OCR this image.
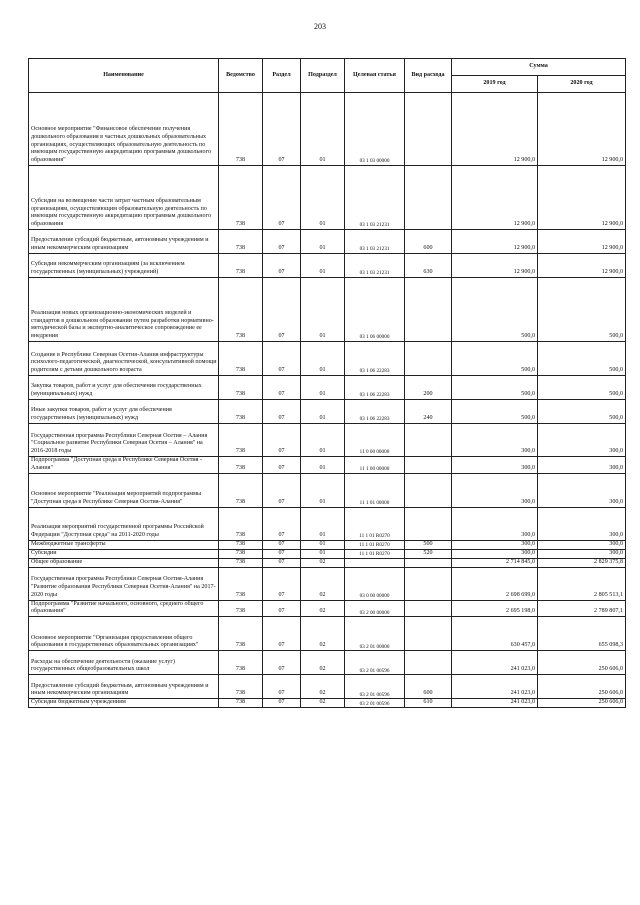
203
Наименование	Ведомство	Раздел	Подраздел	Целевая статья	Вид расхода	Сумма	
						2019 год	2020 год
Основное мероприятие "Финансовое обеспечение получения дошкольного образования в частных дошкольных образовательных организациях, осуществляющих образовательную деятельность по имеющим государственную аккредитацию программам дошкольного образования"	738	07	01	03 1 03 00000		12 900,0	12 900,0
Субсидии на возмещение части затрат частным образовательным организациям, осуществляющим образовательную деятельность по имеющим государственную аккредитацию программам дошкольного образования	738	07	01	03 1 03 21231		12 900,0	12 900,0
Предоставление субсидий бюджетным, автономным учреждениям и иным некоммерческим организациям	738	07	01	03 1 03 21231	600	12 900,0	12 900,0
Субсидии некоммерческим организациям (за исключением государственных (муниципальных) учреждений)	738	07	01	03 1 03 21231	630	12 900,0	12 900,0
Реализация новых организационно-экономических моделей и стандартов в дошкольном образовании путем разработки нормативно-методической базы и экспертно-аналитическое сопровождение ее внедрения	738	07	01	03 1 06 00000		500,0	500,0
Создание в Республике Северная Осетия-Алания инфраструктуры психолого-педагогической, диагностической, консультативной помощи родителям с детьми дошкольного возраста	738	07	01	03 1 06 22283		500,0	500,0
Закупка товаров, работ и услуг для обеспечения государственных (муниципальных) нужд	738	07	01	03 1 06 22283	200	500,0	500,0
Иные закупки товаров, работ и услуг для обеспечения государственных (муниципальных) нужд	738	07	01	03 1 06 22283	240	500,0	500,0
Государственная программа Республики Северная Осетия – Алания "Социальное развитие Республики Северная Осетия – Алания" на 2016-2018 годы	738	07	01	11 0 00 00000		300,0	300,0
Подпрограмма "Доступная среда в Республике Северная Осетия - Алания"	738	07	01	11 1 00 00000		300,0	300,0
Основное мероприятие "Реализация мероприятий подпрограммы "Доступная среда в Республике Северная Осетия-Алания"	738	07	01	11 1 01 00000		300,0	300,0
Реализация мероприятий государственной программы Российской Федерации "Доступная среда" на 2011-2020 годы	738	07	01	11 1 01 R0270		300,0	300,0
Межбюджетные трансферты	738	07	01	11 1 01 R0270	500	300,0	300,0
Субсидии	738	07	01	11 1 01 R0270	520	300,0	300,0
Общее образование	738	07	02			2 714 845,0	2 829 375,8
Государственная программа Республики Северная Осетия-Алания "Развитие образования Республики Северная Осетия-Алания" на 2017-2020 годы	738	07	02	03 0 00 00000		2 698 699,0	2 805 513,1
Подпрограмма "Развитие начального, основного, среднего общего образования"	738	07	02	03 2 00 00000		2 695 198,0	2 789 807,1
Основное мероприятие "Организация предоставления общего образования в государственных образовательных организациях"	738	07	02	03 2 01 00000		630 457,0	655 098,3
Расходы на обеспечение деятельности (оказание услуг) государственных общеобразовательных школ	738	07	02	03 2 01 00596		241 023,0	250 606,0
Предоставление субсидий бюджетным, автономным учреждениям и иным некоммерческим организациям	738	07	02	03 2 01 00596	600	241 023,0	250 606,0
Субсидии бюджетным учреждениям	738	07	02	03 2 01 00596	610	241 023,0	250 606,0
